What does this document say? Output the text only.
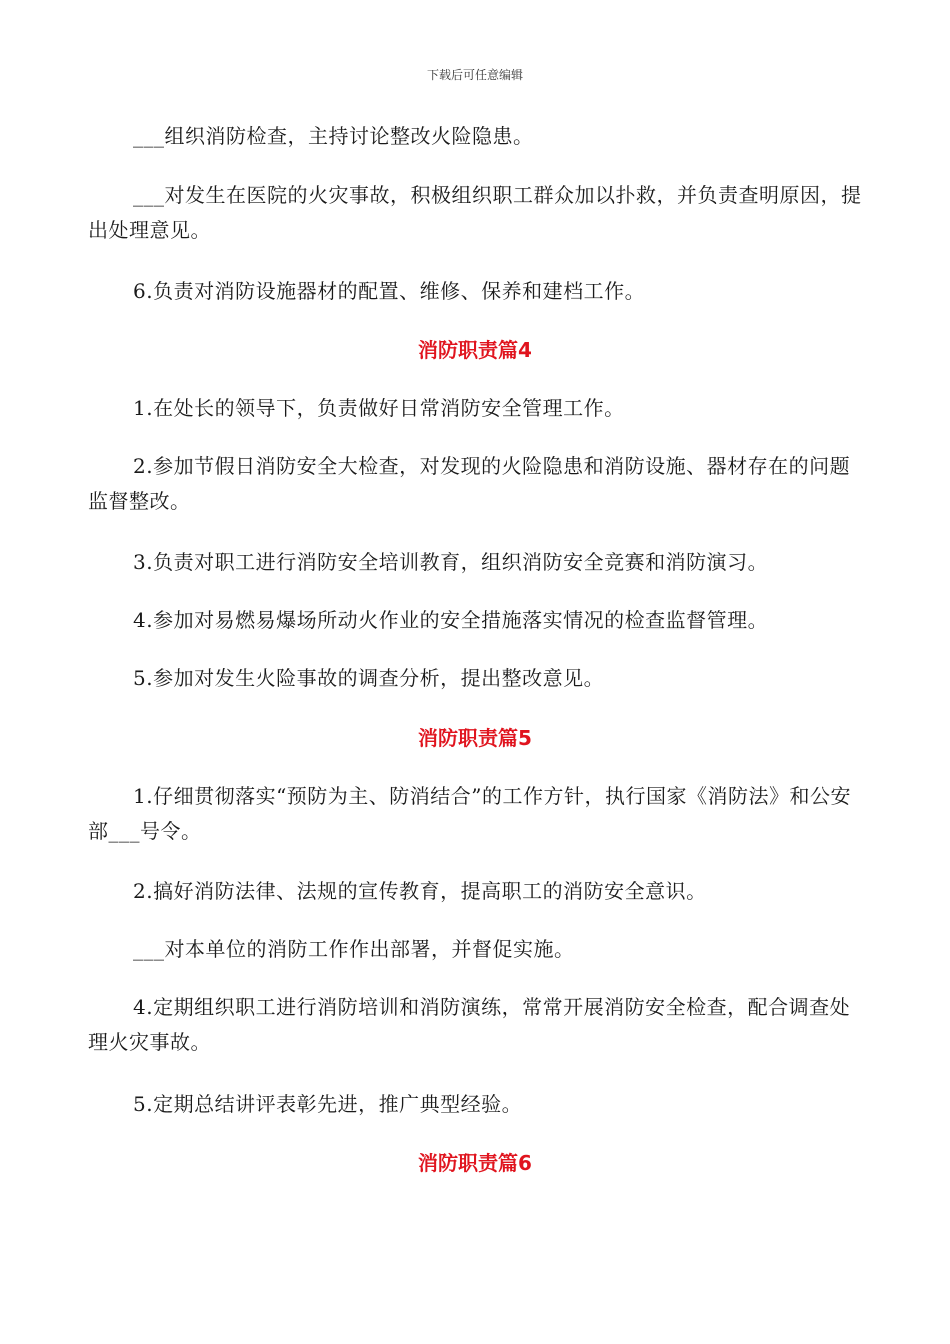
下载后可任意编辑

___组织消防检查，主持讨论整改火险隐患。

___对发生在医院的火灾事故，积极组织职工群众加以扑救，并负责查明原因，提出处理意见。

6.负责对消防设施器材的配置、维修、保养和建档工作。

消防职责篇4

1.在处长的领导下，负责做好日常消防安全管理工作。

2.参加节假日消防安全大检查，对发现的火险隐患和消防设施、器材存在的问题监督整改。

3.负责对职工进行消防安全培训教育，组织消防安全竞赛和消防演习。

4.参加对易燃易爆场所动火作业的安全措施落实情况的检查监督管理。

5.参加对发生火险事故的调查分析，提出整改意见。

消防职责篇5

1.仔细贯彻落实“预防为主、防消结合”的工作方针，执行国家《消防法》和公安部___号令。

2.搞好消防法律、法规的宣传教育，提高职工的消防安全意识。

___对本单位的消防工作作出部署，并督促实施。

4.定期组织职工进行消防培训和消防演练，常常开展消防安全检查，配合调查处理火灾事故。

5.定期总结讲评表彰先进，推广典型经验。

消防职责篇6
